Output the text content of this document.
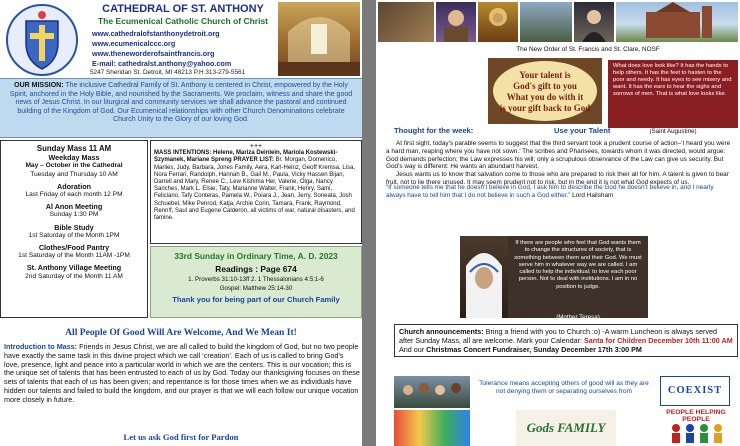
CATHEDRAL OF ST. ANTHONY
The Ecumenical Catholic Church of Christ
www.cathedralofstanthonydetroit.org
www.ecumenicalccc.org
www.theneworderofsaintfrancis.org
E-mail: cathedralst.anthony@yahoo.com
5247 Sheridan St. Detroit, MI 48213 P.H 313-279-5561
OUR MISSION: The inclusive Cathedral Family of St. Anthony is centered in Christ, empowered by the Holy Spirit, anchored in the Holy Bible, and nourished by the Sacraments. We proclaim, witness and share the good news of Jesus Christ. In our liturgical and community services we shall advance the pastoral and continued building of the Kingdom of God. Our Ecumenical relationships with other Church Denominations celebrate Church Unity to the Glory of our loving God.
Sunday Mass 11 AM
Weekday Mass
May – October in the Cathedral
Tuesday and Thursday 10 AM
Adoration
Last Friday of each month 12 PM
Al Anon Meeting
Sunday 1:30 PM
Bible Study
1st Saturday of the Month 1PM
Clothes/Food Pantry
1st Saturday of the Month 11AM -1PM
St. Anthony Village Meeting
2nd Saturday of the Month 11 AM
+++
MASS INTENTIONS: Helene, Mariza Deinlein, Mariola Kostewski-Szymanek, Mariane Spreng PRAYER LIST: Br. Morgan, Domenico, Marlies, Judy, Barbara, Jones Family, Aera, Karl-Heinz, Geoff Kremsa, Lisa, Nora Ferrari, Randolph, Hannah B., Gail M., Paula, Vicky Hassen Bijan, Darrell and Mary, Renee C., Lew Kishima Her, Valerie, Olga, Nancy Sanches, Mark L. Elsie, Taty, Marianne Walter, Frank, Henry, Sami, Feliciano, Tafy Conteras, Pamela W., Poiara J., Jean, Jerry, Soneata, Josh Schuebel, Mike Penrod, Katja, Archie Corin, Tamara, Frank, Raymond, Renn!f, Saul and Eugene Calderon, all victims of war, natural disasters, and famine.
33rd Sunday in Ordinary Time, A. D. 2023
Readings : Page 674
1. Proverbs 31:10-13ff 2. 1 Thessalonians 4:5:1-6
Gospel: Matthew 25:14-30
Thank you for being part of our Church Family
All People Of Good Will Are Welcome, And We Mean It!
Introduction to Mass: Friends in Jesus Christ, we are all called to build the kingdom of God, but no two people have exactly the same task in this divine project which we call ‘creation’. Each of us is called to bring God’s love, presence, light and peace into a particular world in which we are the centers. This is our vocation; this is the unique set of talents that has been entrusted to each of us by God. Today our thanksgiving focuses on these sets of talents that each of us has been given; and repentance is for those times when we as individuals have hidden our talents and failed to build the kingdom, and our prayer is that we will each follow our unique vocation more closely in future.
Let us ask God first for Pardon
The New Order of St. Francis and St. Clare, NOSF
Your talent is
God's gift to you
What you do with it
is your gift back to God
What does love look like? It has the hands to help others. It has the feet to hasten to the poor and needy. It has eyes to see misery and want. It has the ears to hear the sighs and sorrows of men. That is what love looks like.
(Saint Augustine)
Thought for the week:	Use your Talent

At first sight, today’s parable seems to suggest that the third servant took a prudent course of action–‘I heard you were a hard man, reaping where you have not sown.’ The scribes and Pharisees, towards whom it was directed, would argue: God demands perfection; the Law expresses his will; only a scrupulous observance of the Law can give us security. But God’s way is different: He wants an abundant harvest.

Jesus wants us to know that salvation come to those who are prepared to risk their all for him. A talent is given to bear fruit, not to lie there unused. It may seem prudent not to risk, but in the end it is not what God expects of us.

“If someone tells me that he doesn’t believe in God, I ask him to describe the God he doesn’t believe in, and I nearly always have to tell him that I do not believe in such a God either.” Lord Hailsham
If there are people who feel that God wants them to change the structures of society, that is something between them and their God. We must serve him in whatever way we are called. I am called to help the individual; to love each poor person. Not to deal with institutions. I am in no position to judge.
(Mother Teresa)
Church announcements: Bring a friend with you to Church :o) -A warm Luncheon is always served after Sunday Mass, all are welcome. Mark your Calendar: Santa for Children December 10th 11:00 AM And our Christmas Concert Fundraiser, Sunday December 17th 3:00 PM
Tolerance means accepting others of good will as they are not denying them or separating ourselves from	COEXIST
Gods FAMILY
PEOPLE HELPING PEOPLE
